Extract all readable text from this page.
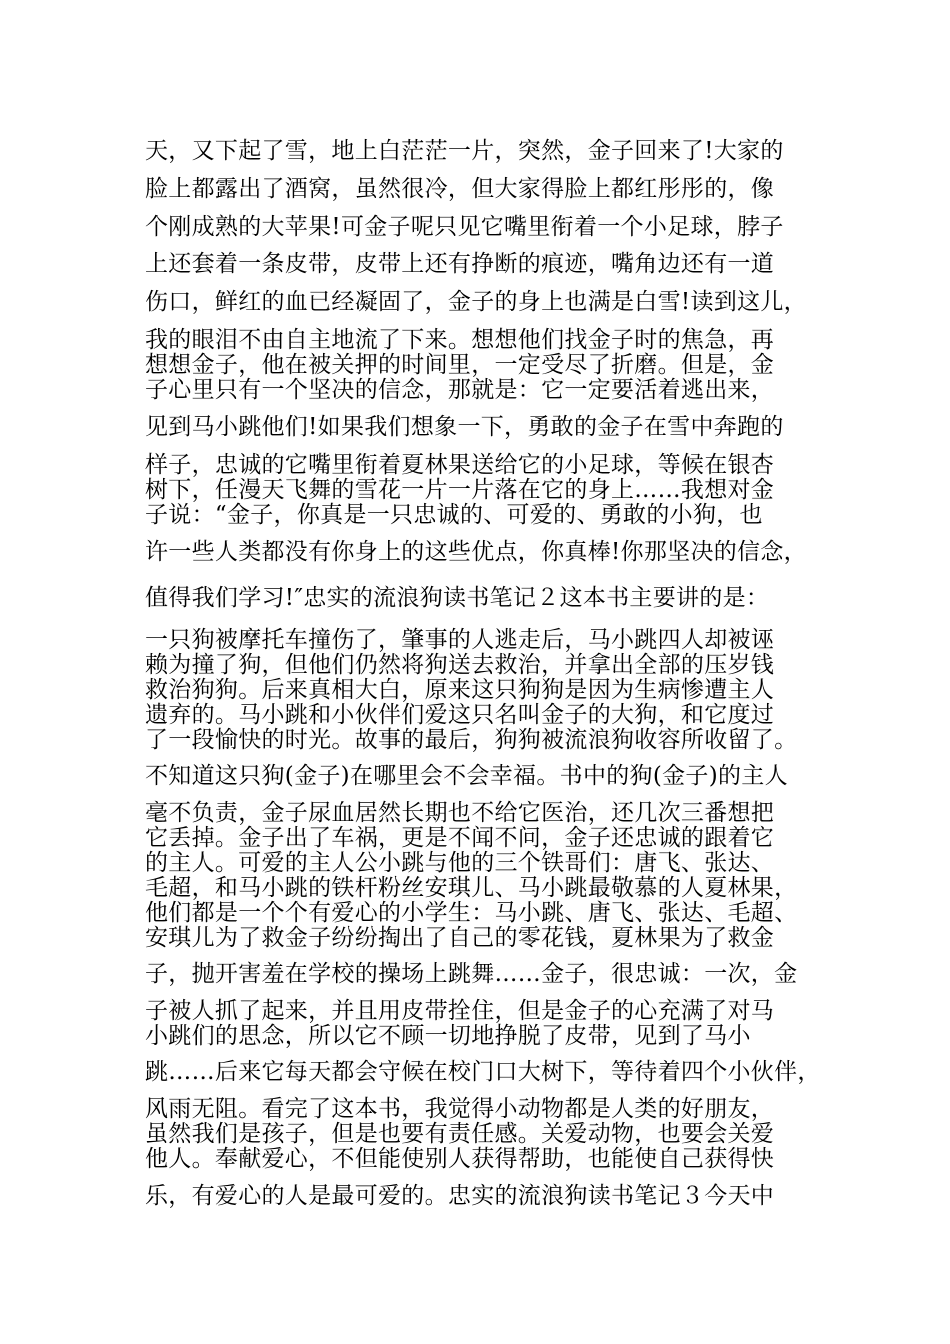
天，又下起了雪，地上白茫茫一片，突然，金子回来了!大家的
脸上都露出了酒窝，虽然很冷，但大家得脸上都红彤彤的，像
个刚成熟的大苹果!可金子呢只见它嘴里衔着一个小足球，脖子
上还套着一条皮带，皮带上还有挣断的痕迹，嘴角边还有一道
伤口，鲜红的血已经凝固了，金子的身上也满是白雪!读到这儿，
我的眼泪不由自主地流了下来。想想他们找金子时的焦急，再
想想金子，他在被关押的时间里，一定受尽了折磨。但是，金
子心里只有一个坚决的信念，那就是：它一定要活着逃出来，
见到马小跳他们!如果我们想象一下，勇敢的金子在雪中奔跑的
样子，忠诚的它嘴里衔着夏林果送给它的小足球，等候在银杏
树下，任漫天飞舞的雪花一片一片落在它的身上……我想对金
子说：“金子，你真是一只忠诚的、可爱的、勇敢的小狗，也
许一些人类都没有你身上的这些优点，你真棒!你那坚决的信念，
值得我们学习!″忠实的流浪狗读书笔记２这本书主要讲的是：
一只狗被摩托车撞伤了，肇事的人逃走后，马小跳四人却被诬
赖为撞了狗，但他们仍然将狗送去救治，并拿出全部的压岁钱
救治狗狗。后来真相大白，原来这只狗狗是因为生病惨遭主人
遗弃的。马小跳和小伙伴们爱这只名叫金子的大狗，和它度过
了一段愉快的时光。故事的最后，狗狗被流浪狗收容所收留了。
不知道这只狗(金子)在哪里会不会幸福。书中的狗(金子)的主人
毫不负责，金子尿血居然长期也不给它医治，还几次三番想把
它丢掉。金子出了车祸，更是不闻不问，金子还忠诚的跟着它
的主人。可爱的主人公小跳与他的三个铁哥们：唐飞、张达、
毛超，和马小跳的铁杆粉丝安琪儿、马小跳最敬慕的人夏林果，
他们都是一个个有爱心的小学生：马小跳、唐飞、张达、毛超、
安琪儿为了救金子纷纷掏出了自己的零花钱，夏林果为了救金
子，抛开害羞在学校的操场上跳舞……金子，很忠诚：一次，金
子被人抓了起来，并且用皮带拴住，但是金子的心充满了对马
小跳们的思念，所以它不顾一切地挣脱了皮带，见到了马小
跳……后来它每天都会守候在校门口大树下，等待着四个小伙伴，
风雨无阻。看完了这本书，我觉得小动物都是人类的好朋友，
虽然我们是孩子，但是也要有责任感。关爱动物，也要会关爱
他人。奉献爱心，不但能使别人获得帮助，也能使自己获得快
乐，有爱心的人是最可爱的。忠实的流浪狗读书笔记３今天中
